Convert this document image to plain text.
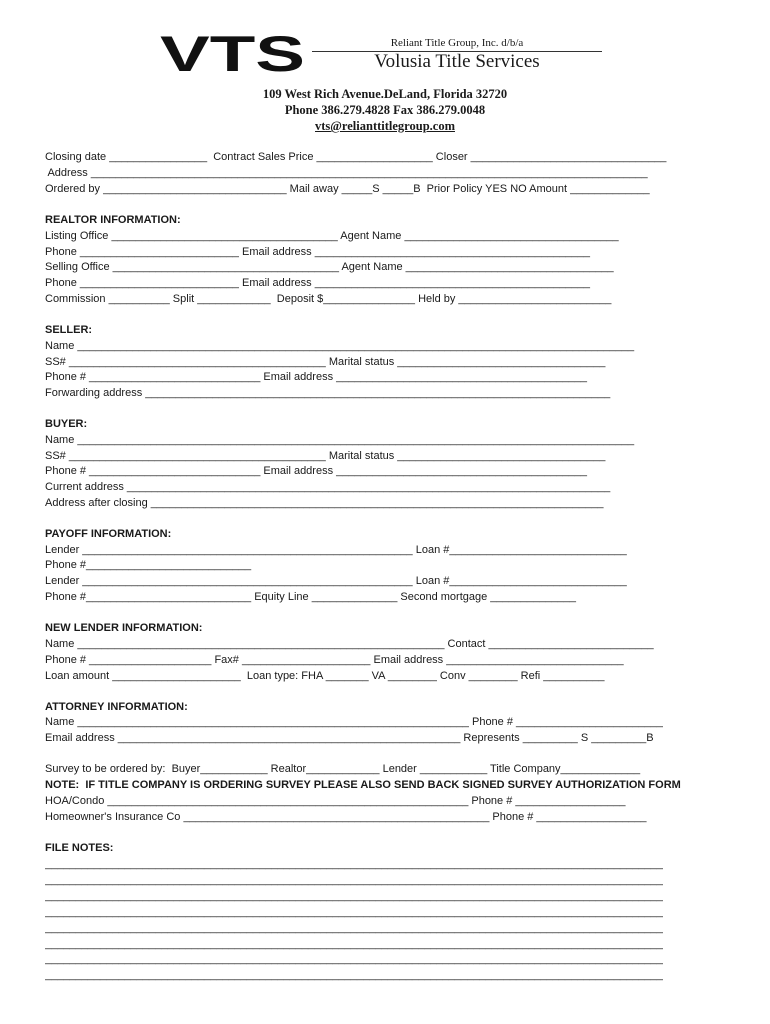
VTS	Reliant Title Group, Inc. d/b/a
Volusia Title Services
109 West Rich Avenue.DeLand, Florida 32720
Phone 386.279.4828 Fax 386.279.0048
vts@relianttitlegroup.com
Closing date ________________  Contract Sales Price ___________________ Closer ________________________________
Address ___________________________________________________________________________________________
Ordered by ______________________________ Mail away _____S _____B  Prior Policy YES NO Amount _____________
REALTOR INFORMATION:
Listing Office _____________________________________ Agent Name ___________________________________
Phone __________________________ Email address _____________________________________________
Selling Office _____________________________________ Agent Name __________________________________
Phone __________________________ Email address _____________________________________________
Commission __________ Split ____________  Deposit $_______________ Held by _________________________
SELLER:
Name ___________________________________________________________________________________________
SS# __________________________________________ Marital status __________________________________
Phone # ____________________________ Email address _________________________________________
Forwarding address ____________________________________________________________________________
BUYER:
Name ___________________________________________________________________________________________
SS# __________________________________________ Marital status __________________________________
Phone # ____________________________ Email address _________________________________________
Current address _______________________________________________________________________________
Address after closing __________________________________________________________________________
PAYOFF INFORMATION:
Lender ______________________________________________________ Loan #_____________________________
Phone #___________________________
Lender ______________________________________________________ Loan #_____________________________
Phone #___________________________ Equity Line ______________ Second mortgage ______________
NEW LENDER INFORMATION:
Name ____________________________________________________________ Contact ___________________________
Phone # ____________________ Fax# _____________________ Email address _____________________________
Loan amount _____________________  Loan type: FHA _______ VA ________ Conv ________ Refi __________
ATTORNEY INFORMATION:
Name ________________________________________________________________ Phone # ________________________
Email address ________________________________________________________ Represents _________ S _________B
Survey to be ordered by:  Buyer___________ Realtor____________ Lender ___________ Title Company_____________
NOTE:  IF TITLE COMPANY IS ORDERING SURVEY PLEASE ALSO SEND BACK SIGNED SURVEY AUTHORIZATION FORM
HOA/Condo ___________________________________________________________ Phone # __________________
Homeowner's Insurance Co __________________________________________________ Phone # __________________
FILE NOTES:
_____________________________________________________________________________________________________
_____________________________________________________________________________________________________
_____________________________________________________________________________________________________
_____________________________________________________________________________________________________
_____________________________________________________________________________________________________
_____________________________________________________________________________________________________
_____________________________________________________________________________________________________
_____________________________________________________________________________________________________
